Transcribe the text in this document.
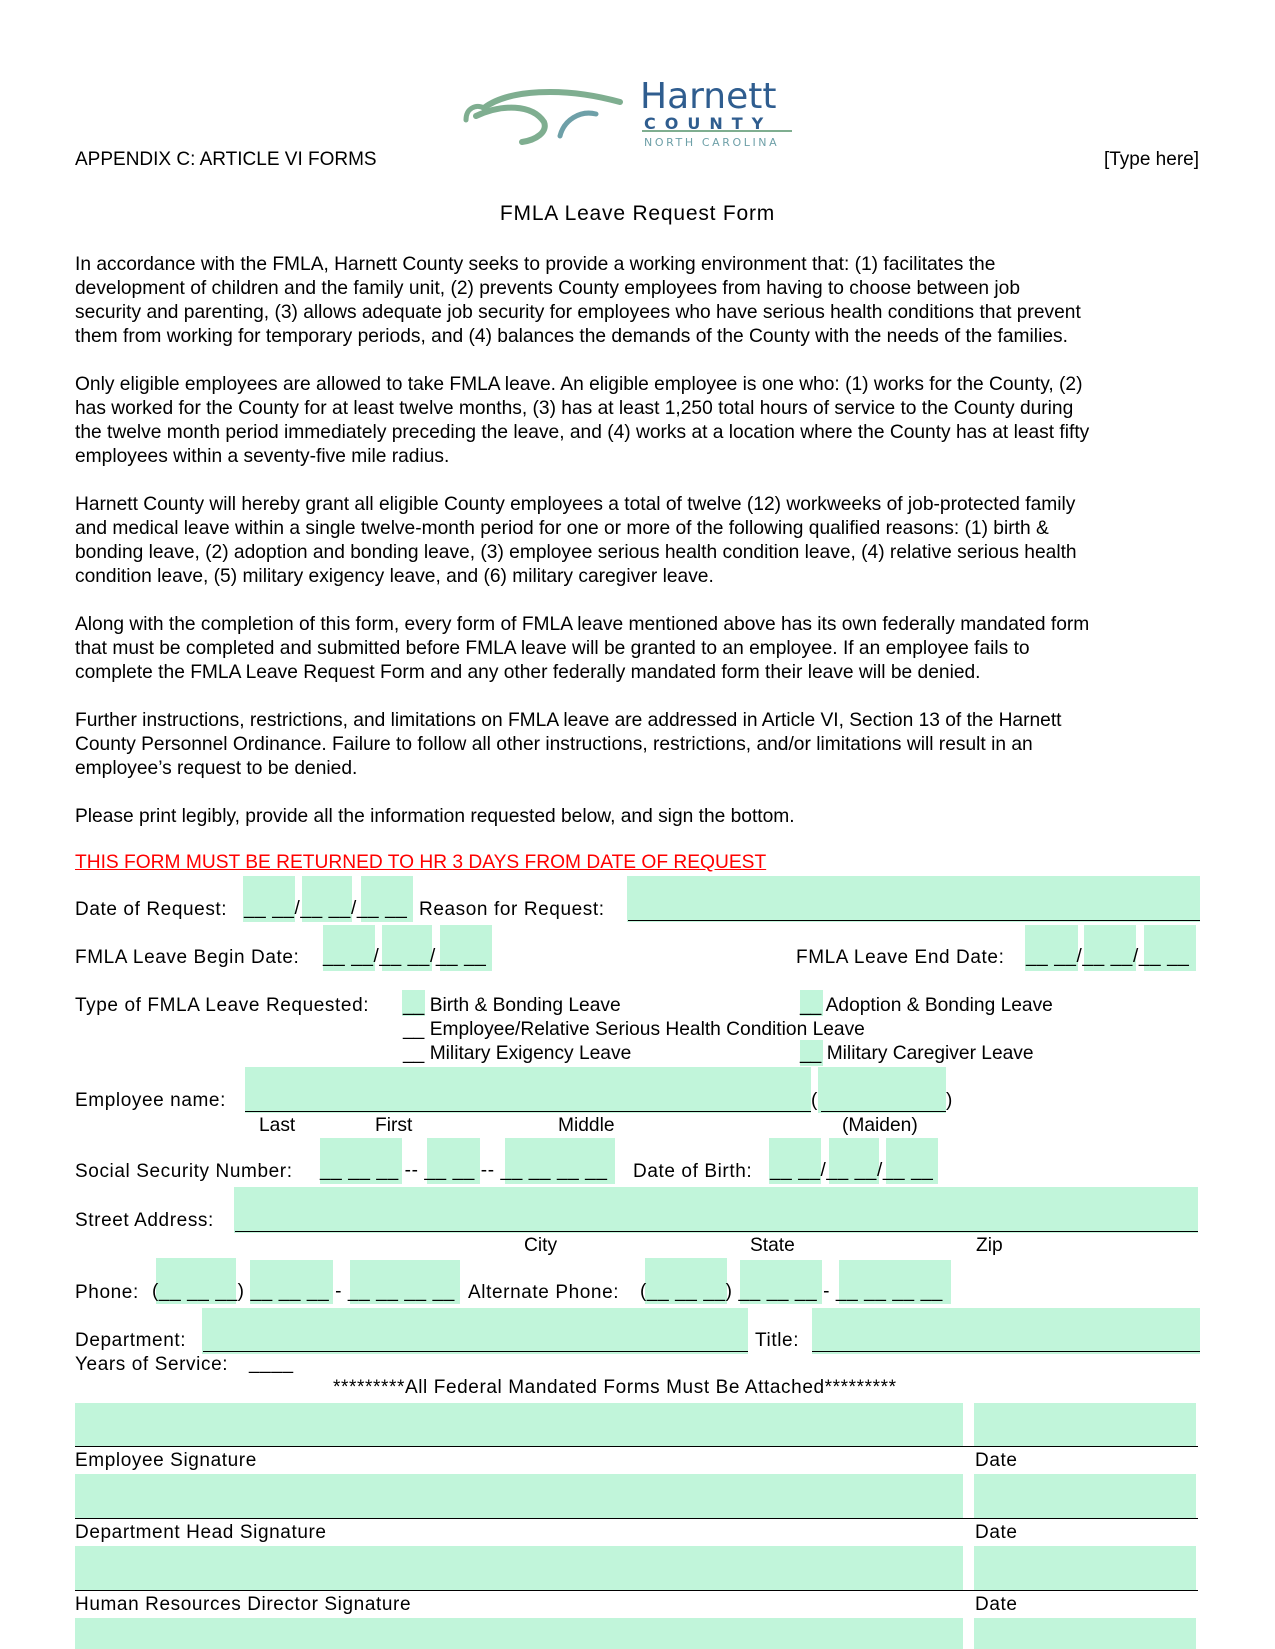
APPENDIX C: ARTICLE VI FORMS	[Type here]
Harnett
COUNTY
NORTH CAROLINA
FMLA Leave Request Form
In accordance with the FMLA, Harnett County seeks to provide a working environment that: (1) facilitates the
development of children and the family unit, (2) prevents County employees from having to choose between job
security and parenting, (3) allows adequate job security for employees who have serious health conditions that prevent
them from working for temporary periods, and (4) balances the demands of the County with the needs of the families.
Only eligible employees are allowed to take FMLA leave. An eligible employee is one who: (1) works for the County, (2)
has worked for the County for at least twelve months, (3) has at least 1,250 total hours of service to the County during
the twelve month period immediately preceding the leave, and (4) works at a location where the County has at least fifty
employees within a seventy-five mile radius.
Harnett County will hereby grant all eligible County employees a total of twelve (12) workweeks of job-protected family
and medical leave within a single twelve-month period for one or more of the following qualified reasons: (1) birth &
bonding leave, (2) adoption and bonding leave, (3) employee serious health condition leave, (4) relative serious health
condition leave, (5) military exigency leave, and (6) military caregiver leave.
Along with the completion of this form, every form of FMLA leave mentioned above has its own federally mandated form
that must be completed and submitted before FMLA leave will be granted to an employee. If an employee fails to
complete the FMLA Leave Request Form and any other federally mandated form their leave will be denied.
Further instructions, restrictions, and limitations on FMLA leave are addressed in Article VI, Section 13 of the Harnett
County Personnel Ordinance. Failure to follow all other instructions, restrictions, and/or limitations will result in an
employee’s request to be denied.
Please print legibly, provide all the information requested below, and sign the bottom.
THIS FORM MUST BE RETURNED TO HR 3 DAYS FROM DATE OF REQUEST
Date of Request: __ __/__ __/__ __ Reason for Request:
FMLA Leave Begin Date: __ __/__ __/__ __	FMLA Leave End Date: __ __/__ __/__ __
Type of FMLA Leave Requested: __ Birth & Bonding Leave	__ Adoption & Bonding Leave
__ Employee/Relative Serious Health Condition Leave
__ Military Exigency Leave	__ Military Caregiver Leave
Employee name:	(	)
Last	First	Middle	(Maiden)
Social Security Number: __ __ __ -- __ __ -- __ __ __ __ Date of Birth: __ __/__ __/__ __
Street Address:
City	State	Zip
Phone: (__ __ __) __ __ __ - __ __ __ __ Alternate Phone: (__ __ __) __ __ __ - __ __ __ __
Department:	Title:
Years of Service: ____
*********All Federal Mandated Forms Must Be Attached*********
Employee Signature	Date
Department Head Signature	Date
Human Resources Director Signature	Date
